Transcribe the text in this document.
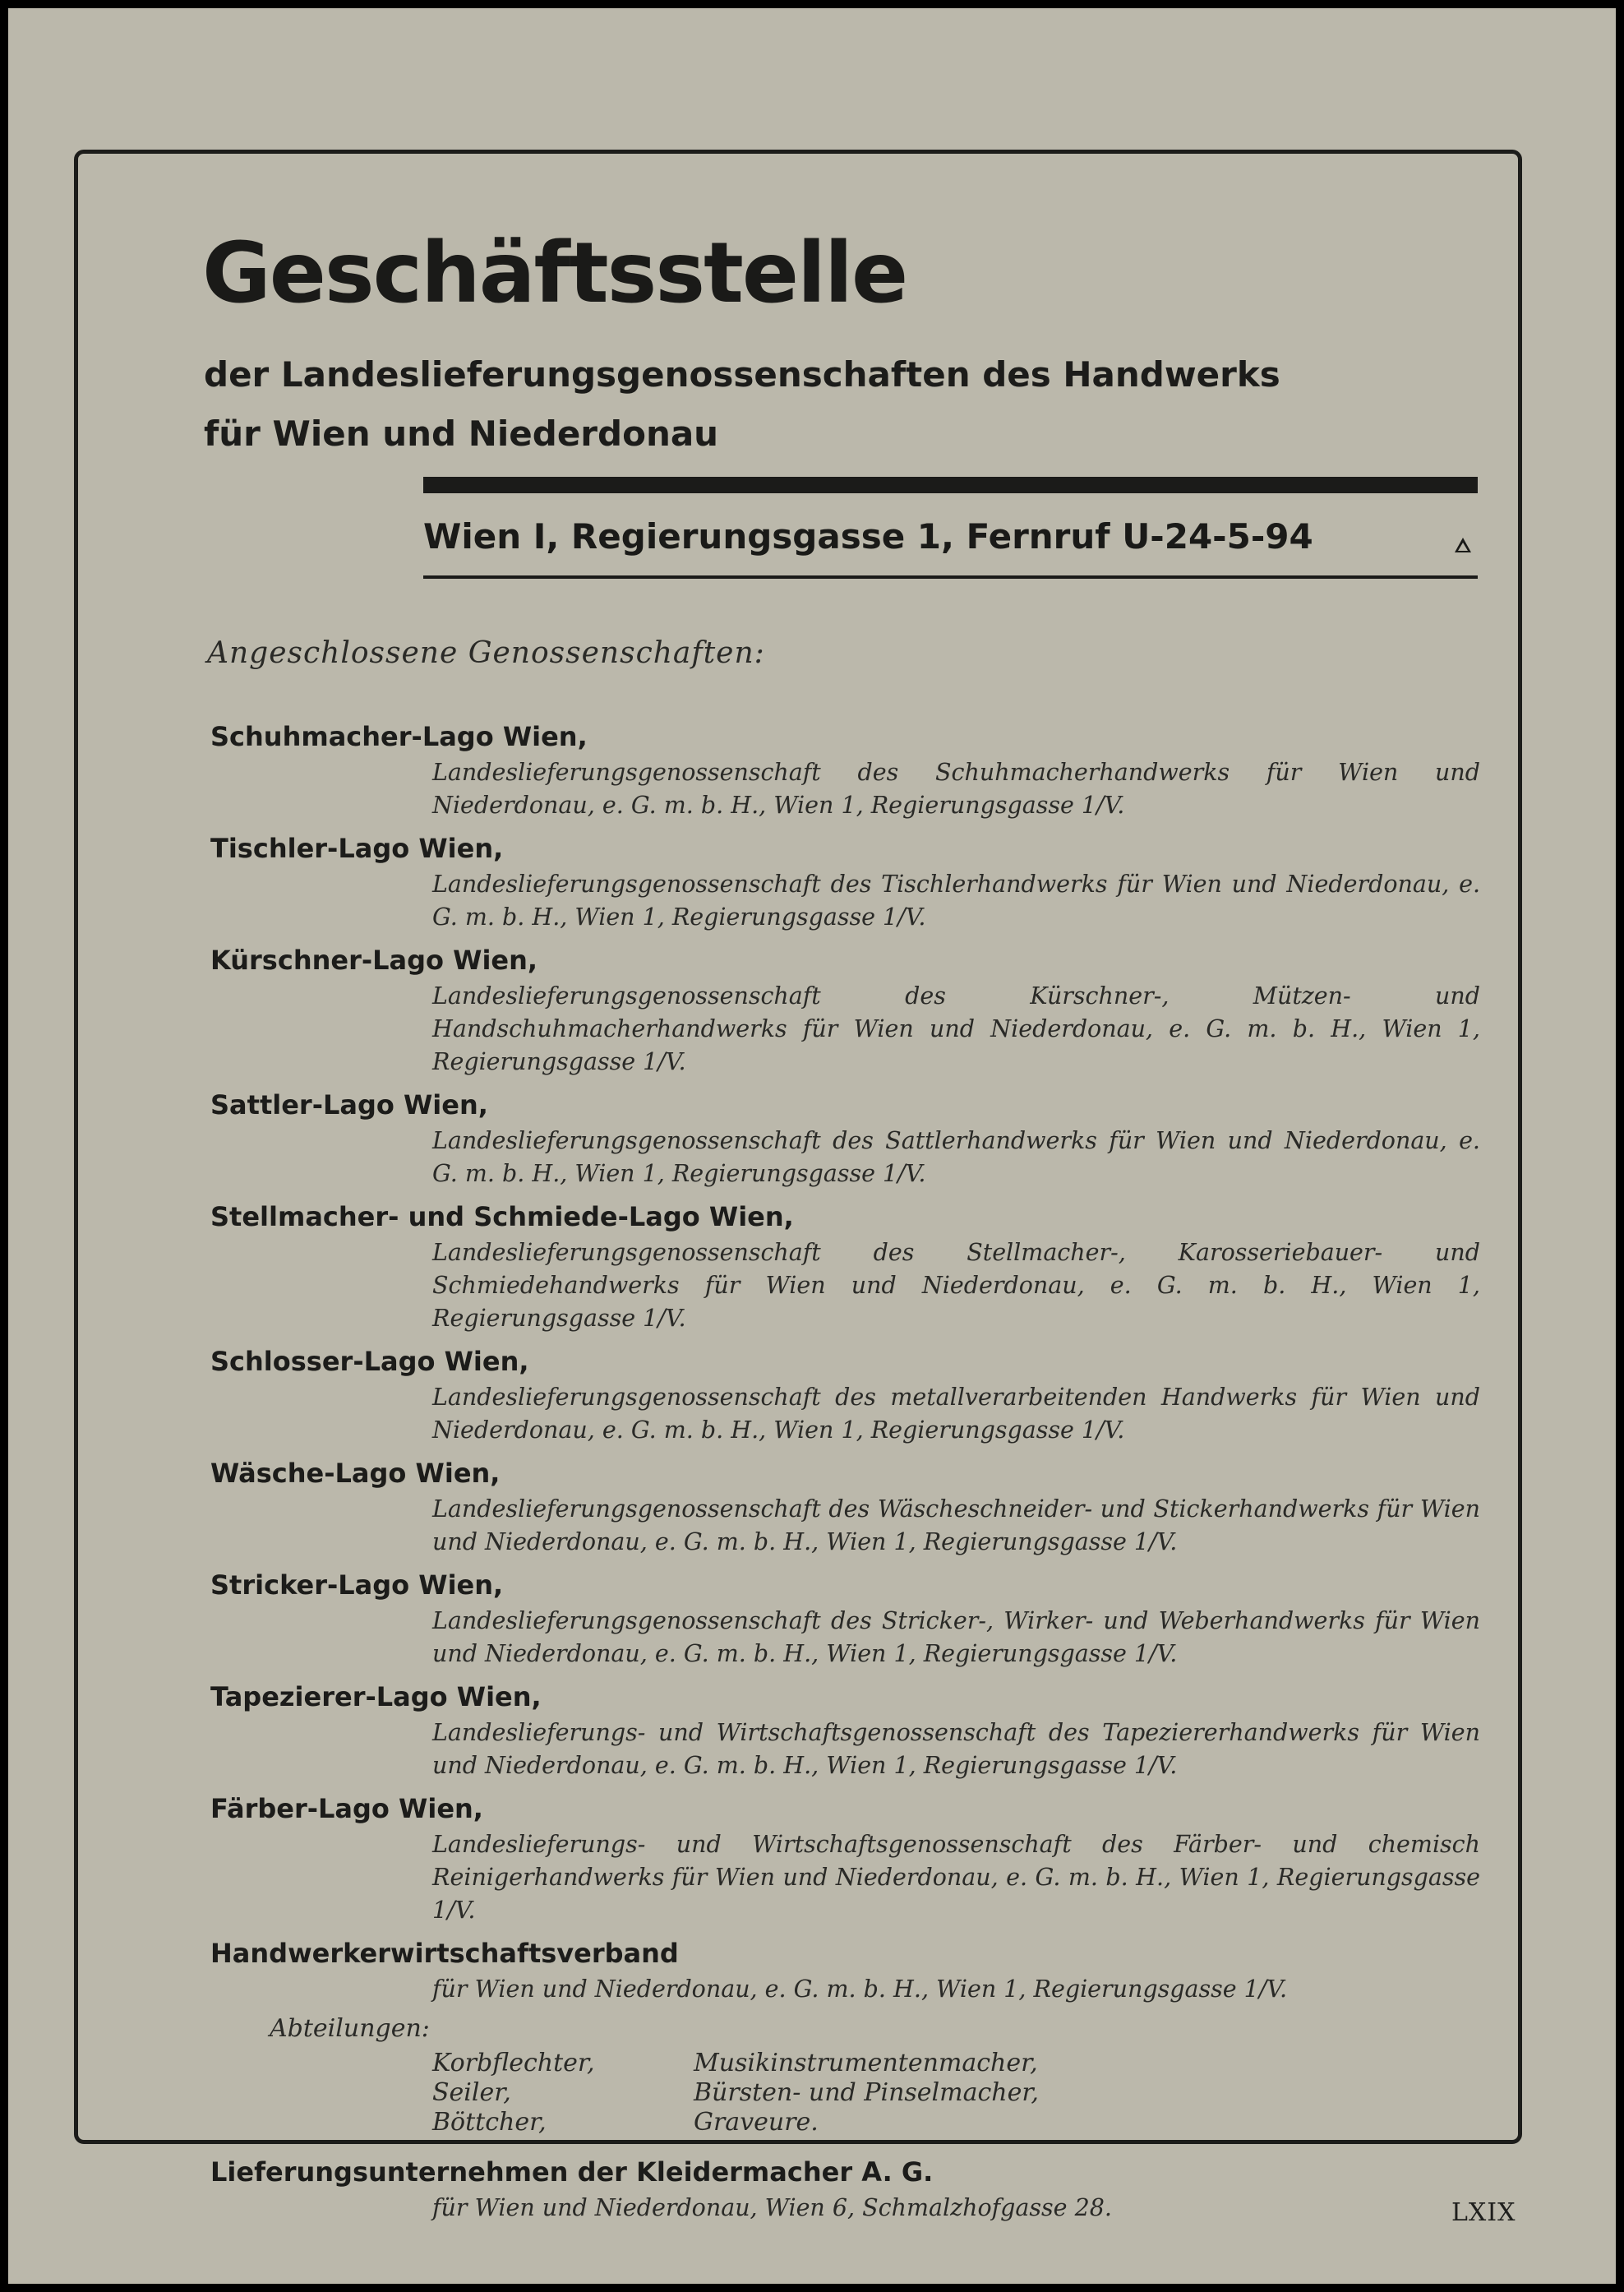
Geschäftsstelle
der Landeslieferungsgenossenschaften des Handwerks
für Wien und Niederdonau
Wien I, Regierungsgasse 1, Fernruf U-24-5-94
Angeschlossene Genossenschaften:
Schuhmacher-Lago Wien,
Landeslieferungsgenossenschaft des Schuhmacherhandwerks für Wien und Niederdonau, e. G. m. b. H., Wien 1, Regierungsgasse 1/V.
Tischler-Lago Wien,
Landeslieferungsgenossenschaft des Tischlerhandwerks für Wien und Niederdonau, e. G. m. b. H., Wien 1, Regierungsgasse 1/V.
Kürschner-Lago Wien,
Landeslieferungsgenossenschaft des Kürschner-, Mützen- und Handschuhmacherhandwerks für Wien und Niederdonau, e. G. m. b. H., Wien 1, Regierungsgasse 1/V.
Sattler-Lago Wien,
Landeslieferungsgenossenschaft des Sattlerhandwerks für Wien und Niederdonau, e. G. m. b. H., Wien 1, Regierungsgasse 1/V.
Stellmacher- und Schmiede-Lago Wien,
Landeslieferungsgenossenschaft des Stellmacher-, Karosseriebauer- und Schmiedehandwerks für Wien und Niederdonau, e. G. m. b. H., Wien 1, Regierungsgasse 1/V.
Schlosser-Lago Wien,
Landeslieferungsgenossenschaft des metallverarbeitenden Handwerks für Wien und Niederdonau, e. G. m. b. H., Wien 1, Regierungsgasse 1/V.
Wäsche-Lago Wien,
Landeslieferungsgenossenschaft des Wäscheschneider- und Stickerhandwerks für Wien und Niederdonau, e. G. m. b. H., Wien 1, Regierungsgasse 1/V.
Stricker-Lago Wien,
Landeslieferungsgenossenschaft des Stricker-, Wirker- und Weberhandwerks für Wien und Niederdonau, e. G. m. b. H., Wien 1, Regierungsgasse 1/V.
Tapezierer-Lago Wien,
Landeslieferungs- und Wirtschaftsgenossenschaft des Tapeziererhandwerks für Wien und Niederdonau, e. G. m. b. H., Wien 1, Regierungsgasse 1/V.
Färber-Lago Wien,
Landeslieferungs- und Wirtschaftsgenossenschaft des Färber- und chemisch Reinigerhandwerks für Wien und Niederdonau, e. G. m. b. H., Wien 1, Regierungsgasse 1/V.
Handwerkerwirtschaftsverband
für Wien und Niederdonau, e. G. m. b. H., Wien 1, Regierungsgasse 1/V.
Abteilungen:
Korbflechter,
Seiler,
Böttcher,
Musikinstrumentenmacher,
Bürsten- und Pinselmacher,
Graveure.
Lieferungsunternehmen der Kleidermacher A. G.
für Wien und Niederdonau, Wien 6, Schmalzhofgasse 28.	LXIX
